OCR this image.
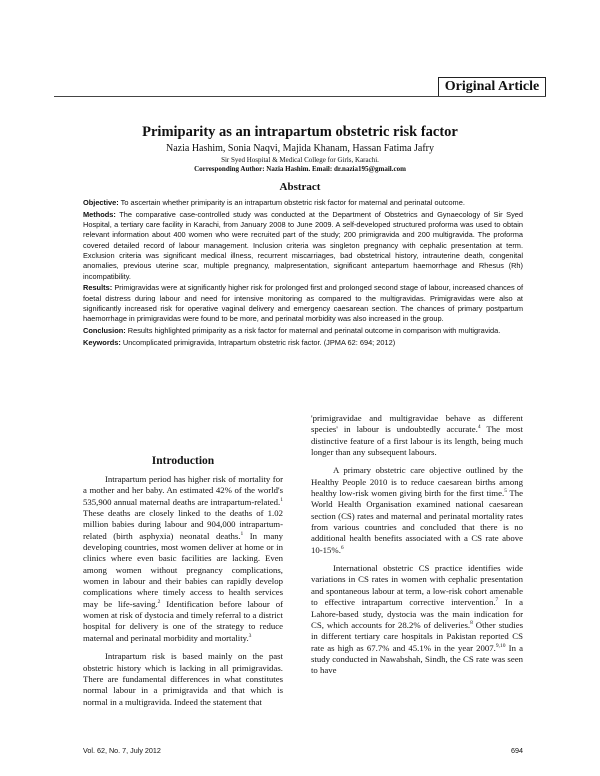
Original Article
Primiparity as an intrapartum obstetric risk factor
Nazia Hashim, Sonia Naqvi, Majida Khanam, Hassan Fatima Jafry
Sir Syed Hospital & Medical College for Girls, Karachi.
Corresponding Author: Nazia Hashim. Email: dr.nazia195@gmail.com
Abstract

Objective: To ascertain whether primiparity is an intrapartum obstetric risk factor for maternal and perinatal outcome.

Methods: The comparative case-controlled study was conducted at the Department of Obstetrics and Gynaecology of Sir Syed Hospital, a tertiary care facility in Karachi, from January 2008 to June 2009. A self-developed structured proforma was used to obtain relevant information about 400 women who were recruited part of the study; 200 primigravida and 200 multigravida. The proforma covered detailed record of labour management. Inclusion criteria was singleton pregnancy with cephalic presentation at term. Exclusion criteria was significant medical illness, recurrent miscarriages, bad obstetrical history, intrauterine death, congenital anomalies, previous uterine scar, multiple pregnancy, malpresentation, significant antepartum haemorrhage and Rhesus (Rh) incompatibility.

Results: Primigravidas were at significantly higher risk for prolonged first and prolonged second stage of labour, increased chances of foetal distress during labour and need for intensive monitoring as compared to the multigravidas. Primigravidas were also at significantly increased risk for operative vaginal delivery and emergency caesarean section. The chances of primary postpartum haemorrhage in primigravidas were found to be more, and perinatal morbidity was also increased in the group.

Conclusion: Results highlighted primiparity as a risk factor for maternal and perinatal outcome in comparison with multigravida.

Keywords: Uncomplicated primigravida, Intrapartum obstetric risk factor. (JPMA 62: 694; 2012)

Introduction

Intrapartum period has higher risk of mortality for a mother and her baby. An estimated 42% of the world's 535,900 annual maternal deaths are intrapartum-related.$^1$ These deaths are closely linked to the deaths of 1.02 million babies during labour and 904,000 intrapartum-related (birth asphyxia) neonatal deaths.$^1$ In many developing countries, most women deliver at home or in clinics where even basic facilities are lacking. Even among women without pregnancy complications, women in labour and their babies can rapidly develop complications where timely access to health services may be life-saving.$^2$ Identification before labour of women at risk of dystocia and timely referral to a district hospital for delivery is one of the strategy to reduce maternal and perinatal morbidity and mortality.$^3$

Intrapartum risk is based mainly on the past obstetric history which is lacking in all primigravidas. There are fundamental differences in what constitutes normal labour in a primigravida and that which is normal in a multigravida. Indeed the statement that

'primigravidae and multigravidae behave as different species' in labour is undoubtedly accurate.$^4$ The most distinctive feature of a first labour is its length, being much longer than any subsequent labours.

A primary obstetric care objective outlined by the Healthy People 2010 is to reduce caesarean births among healthy low-risk women giving birth for the first time.$^5$ The World Health Organisation examined national caesarean section (CS) rates and maternal and perinatal mortality rates from various countries and concluded that there is no additional health benefits associated with a CS rate above 10-15%.$^6$

International obstetric CS practice identifies wide variations in CS rates in women with cephalic presentation and spontaneous labour at term, a low-risk cohort amenable to effective intrapartum corrective intervention.$^7$ In a Lahore-based study, dystocia was the main indication for CS, which accounts for 28.2% of deliveries.$^8$ Other studies in different tertiary care hospitals in Pakistan reported CS rate as high as 67.7% and 45.1% in the year 2007.$^{9,10}$ In a study conducted in Nawabshah, Sindh, the CS rate was seen to have

Vol. 62, No. 7, July 2012	694
